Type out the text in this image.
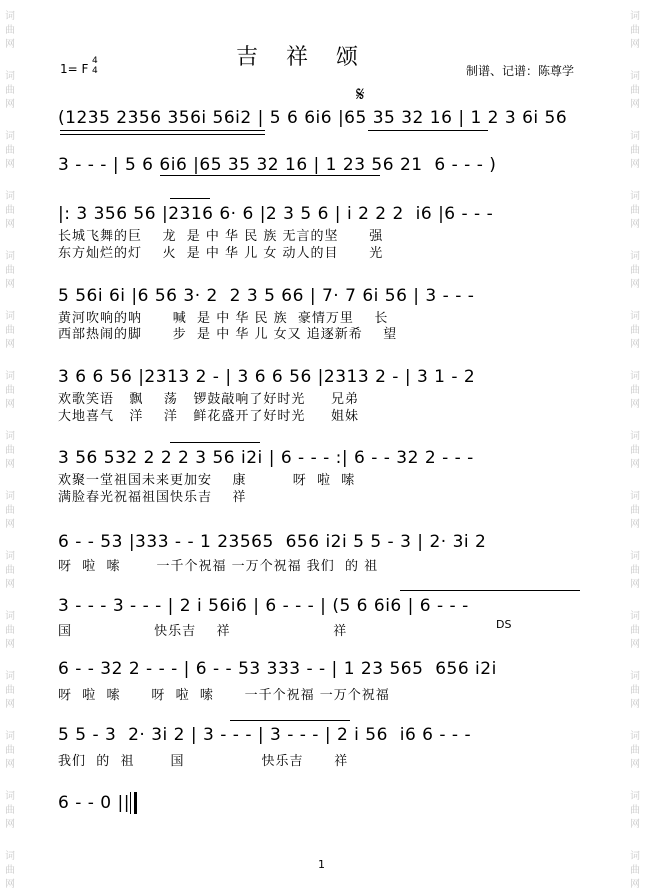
词
曲
网
词
曲
网
词
曲
网
词
曲
网
词
曲
网
词
曲
网
词
曲
网
词
曲
网
词
曲
网
词
曲
网
词
曲
网
词
曲
网
词
曲
网
词
曲
网
词
曲
网
词
曲
网
词
曲
网
词
曲
网
词
曲
网
词
曲
网
词
曲
网
词
曲
网
词
曲
网
词
曲
网
词
曲
网
词
曲
网
词
曲
网
词
曲
网
词
曲
网
词
曲
网
1= F
4
4
吉祥颂
制谱、记谱：陈尊学
𝄋
(1235 2356 356i 56i2 | 5 6 6i6 |65 35 32 16 | 1 2 3 6i 56
3 - - - | 5 6 6i6 |65 35 32 16 | 1 23 56 21  6 - - - )
|: 3 356 56 |2316 6· 6 |2 3 5 6 | i 2 2 2  i6 |6 - - -
长城飞舞的巨    龙  是 中 华 民 族 无言的坚      强
东方灿烂的灯    火  是 中 华 儿 女 动人的目      光
5 56i 6i |6 56 3· 2  2 3 5 66 | 7· 7 6i 56 | 3 - - -
黄河吹响的呐      喊  是 中 华 民 族  豪情万里    长
西部热闹的脚      步  是 中 华 儿 女又 追逐新希    望
3 6 6 56 |2313 2 - | 3 6 6 56 |2313 2 - | 3 1 - 2
欢歌笑语   飘    荡   锣鼓敲响了好时光     兄弟
大地喜气   洋    洋   鲜花盛开了好时光     姐妹
3 56 532 2 2 2 3 56 i2i | 6 - - - :| 6 - - 32 2 - - -
欢聚一堂祖国未来更加安    康         呀  啦  嗦
满脸春光祝福祖国快乐吉    祥
6 - - 53 |333 - - 1 23565  656 i2i 5 5 - 3 | 2· 3i 2
呀  啦  嗦       一千个祝福 一万个祝福 我们  的 祖
3 - - - 3 - - - | 2 i 56i6 | 6 - - - | (5 6 6i6 | 6 - - -
国                快乐吉    祥                    祥
6 - - 32 2 - - - | 6 - - 53 333 - - | 1 23 565  656 i2i
呀  啦  嗦      呀  啦  嗦      一千个祝福 一万个祝福
5 5 - 3  2· 3i 2 | 3 - - - | 3 - - - | 2 i 56  i6 6 - - -
我们  的  祖       国               快乐吉      祥
6 - - 0 ||
DS
1
